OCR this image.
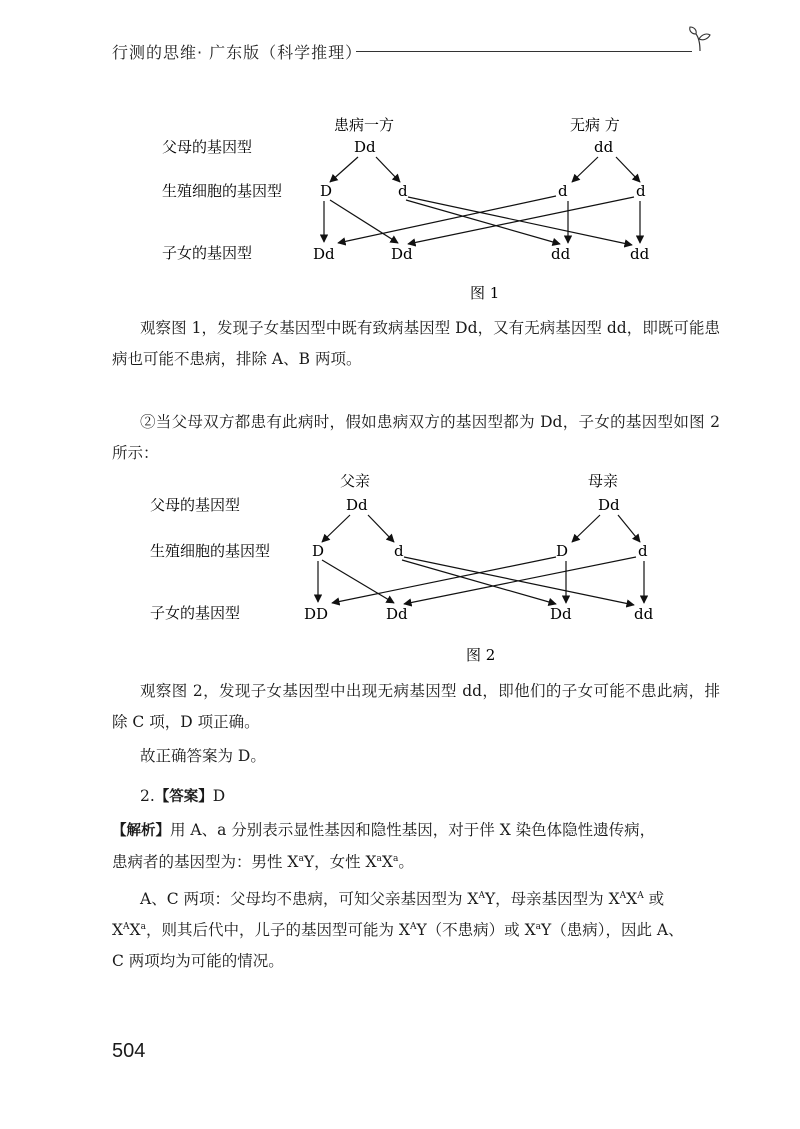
行测的思维· 广东版（科学推理）
患病一方	无病 方
父母的基因型
生殖细胞的基因型
子女的基因型
Dd	dd
D	d	d	d
Dd	Dd	dd	dd
图 1
父亲	母亲
父母的基因型
生殖细胞的基因型
子女的基因型
Dd	Dd
D	d	D	d
DD	Dd	Dd	dd
图 2
观察图 1，发现子女基因型中既有致病基因型 Dd，又有无病基因型 dd，即既可能患病也可能不患病，排除 A、B 两项。
②当父母双方都患有此病时，假如患病双方的基因型都为 Dd，子女的基因型如图 2 所示：
观察图 2，发现子女基因型中出现无病基因型 dd，即他们的子女可能不患此病，排除 C 项，D 项正确。
故正确答案为 D。
2.【答案】D
【解析】用 A、a 分别表示显性基因和隐性基因，对于伴 X 染色体隐性遗传病，
患病者的基因型为：男性 $X^aY$，女性 $X^aX^a$。
A、C 两项：父母均不患病，可知父亲基因型为 $X^AY$，母亲基因型为 $X^AX^A$ 或
$X^AX^a$，则其后代中，儿子的基因型可能为 $X^AY$（不患病）或 $X^aY$（患病），因此 A、
C 两项均为可能的情况。
504
